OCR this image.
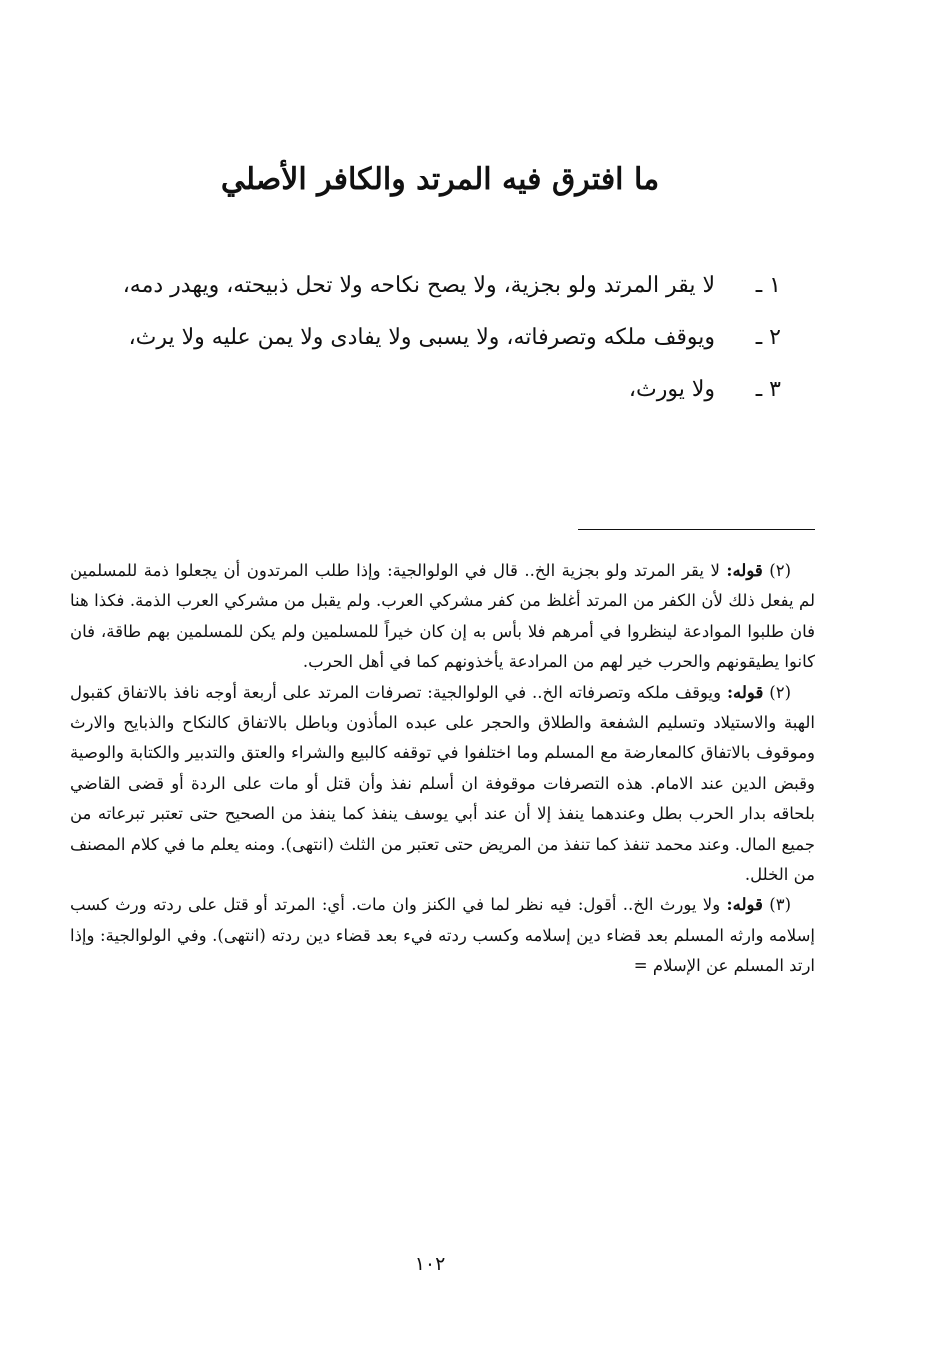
ما افترق فيه المرتد والكافر الأصلي
١ ـ
لا يقر المرتد ولو بجزية، ولا يصح نكاحه ولا تحل ذبيحته، ويهدر دمه،
٢ ـ
ويوقف ملكه وتصرفاته، ولا يسبى ولا يفادى ولا يمن عليه ولا يرث،
٣ ـ
ولا يورث،

(٢) قوله: لا يقر المرتد ولو بجزية الخ.. قال في الولوالجية: وإذا طلب المرتدون أن يجعلوا ذمة للمسلمين لم يفعل ذلك لأن الكفر من المرتد أغلظ من كفر مشركي العرب. ولم يقبل من مشركي العرب الذمة. فكذا هنا فان طلبوا الموادعة لينظروا في أمرهم فلا بأس به إن كان خيراً للمسلمين ولم يكن للمسلمين بهم طاقة، فان كانوا يطيقونهم والحرب خير لهم من المرادعة يأخذونهم كما في أهل الحرب.

(٢) قوله: ويوقف ملكه وتصرفاته الخ.. في الولوالجية: تصرفات المرتد على أربعة أوجه نافذ بالاتفاق كقبول الهبة والاستيلاد وتسليم الشفعة والطلاق والحجر على عبده المأذون وباطل بالاتفاق كالنكاح والذبايح والارث وموقوف بالاتفاق كالمعارضة مع المسلم وما اختلفوا في توقفه كالبيع والشراء والعتق والتدبير والكتابة والوصية وقبض الدين عند الامام. هذه التصرفات موقوفة ان أسلم نفذ وأن قتل أو مات على الردة أو قضى القاضي بلحاقه بدار الحرب بطل وعندهما ينفذ إلا أن عند أبي يوسف ينفذ كما ينفذ من الصحيح حتى تعتبر تبرعاته من جميع المال. وعند محمد تنفذ كما تنفذ من المريض حتى تعتبر من الثلث (انتهى). ومنه يعلم ما في كلام المصنف من الخلل.

(٣) قوله: ولا يورث الخ.. أقول: فيه نظر لما في الكنز وان مات. أي: المرتد أو قتل على ردته ورث كسب إسلامه وارثه المسلم بعد قضاء دين إسلامه وكسب ردته فيء بعد قضاء دين ردته (انتهى). وفي الولوالجية: وإذا ارتد المسلم عن الإسلام =

١٠٢
